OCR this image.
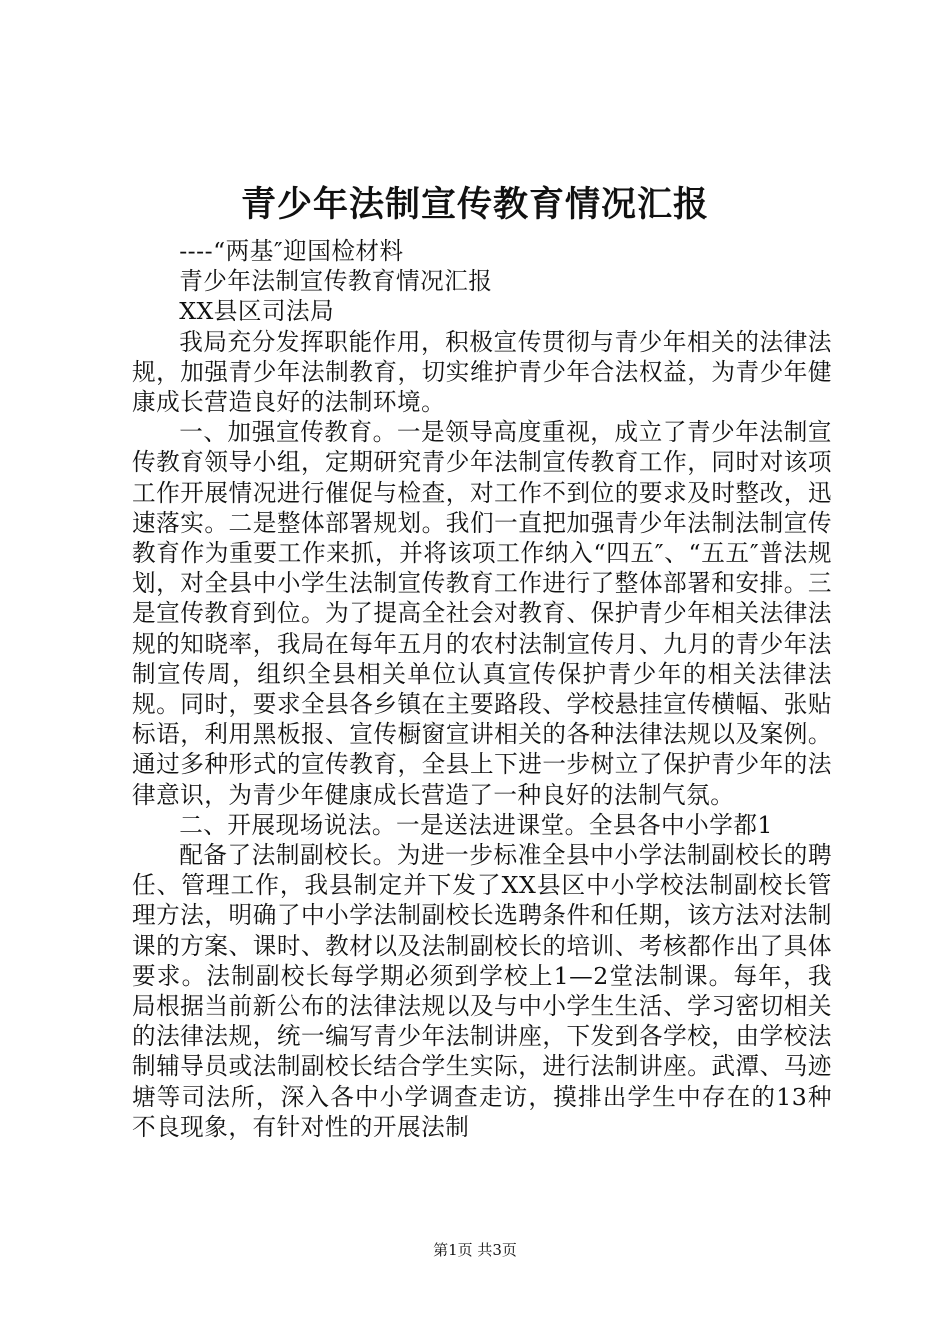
青少年法制宣传教育情况汇报

----“两基″迎国检材料

青少年法制宣传教育情况汇报

XX县区司法局

我局充分发挥职能作用，积极宣传贯彻与青少年相关的法律法规，加强青少年法制教育，切实维护青少年合法权益，为青少年健康成长营造良好的法制环境。

一、加强宣传教育。一是领导高度重视，成立了青少年法制宣传教育领导小组，定期研究青少年法制宣传教育工作，同时对该项工作开展情况进行催促与检查，对工作不到位的要求及时整改，迅速落实。二是整体部署规划。我们一直把加强青少年法制法制宣传教育作为重要工作来抓，并将该项工作纳入“四五″、“五五″普法规划，对全县中小学生法制宣传教育工作进行了整体部署和安排。三是宣传教育到位。为了提高全社会对教育、保护青少年相关法律法规的知晓率，我局在每年五月的农村法制宣传月、九月的青少年法制宣传周，组织全县相关单位认真宣传保护青少年的相关法律法规。同时，要求全县各乡镇在主要路段、学校悬挂宣传横幅、张贴标语，利用黑板报、宣传橱窗宣讲相关的各种法律法规以及案例。通过多种形式的宣传教育，全县上下进一步树立了保护青少年的法律意识，为青少年健康成长营造了一种良好的法制气氛。

二、开展现场说法。一是送法进课堂。全县各中小学都1

配备了法制副校长。为进一步标准全县中小学法制副校长的聘任、管理工作，我县制定并下发了XX县区中小学校法制副校长管理方法，明确了中小学法制副校长选聘条件和任期，该方法对法制课的方案、课时、教材以及法制副校长的培训、考核都作出了具体要求。法制副校长每学期必须到学校上1—2堂法制课。每年，我局根据当前新公布的法律法规以及与中小学生生活、学习密切相关的法律法规，统一编写青少年法制讲座，下发到各学校，由学校法制辅导员或法制副校长结合学生实际，进行法制讲座。武潭、马迹塘等司法所，深入各中小学调查走访，摸排出学生中存在的13种不良现象，有针对性的开展法制

第1页 共3页
